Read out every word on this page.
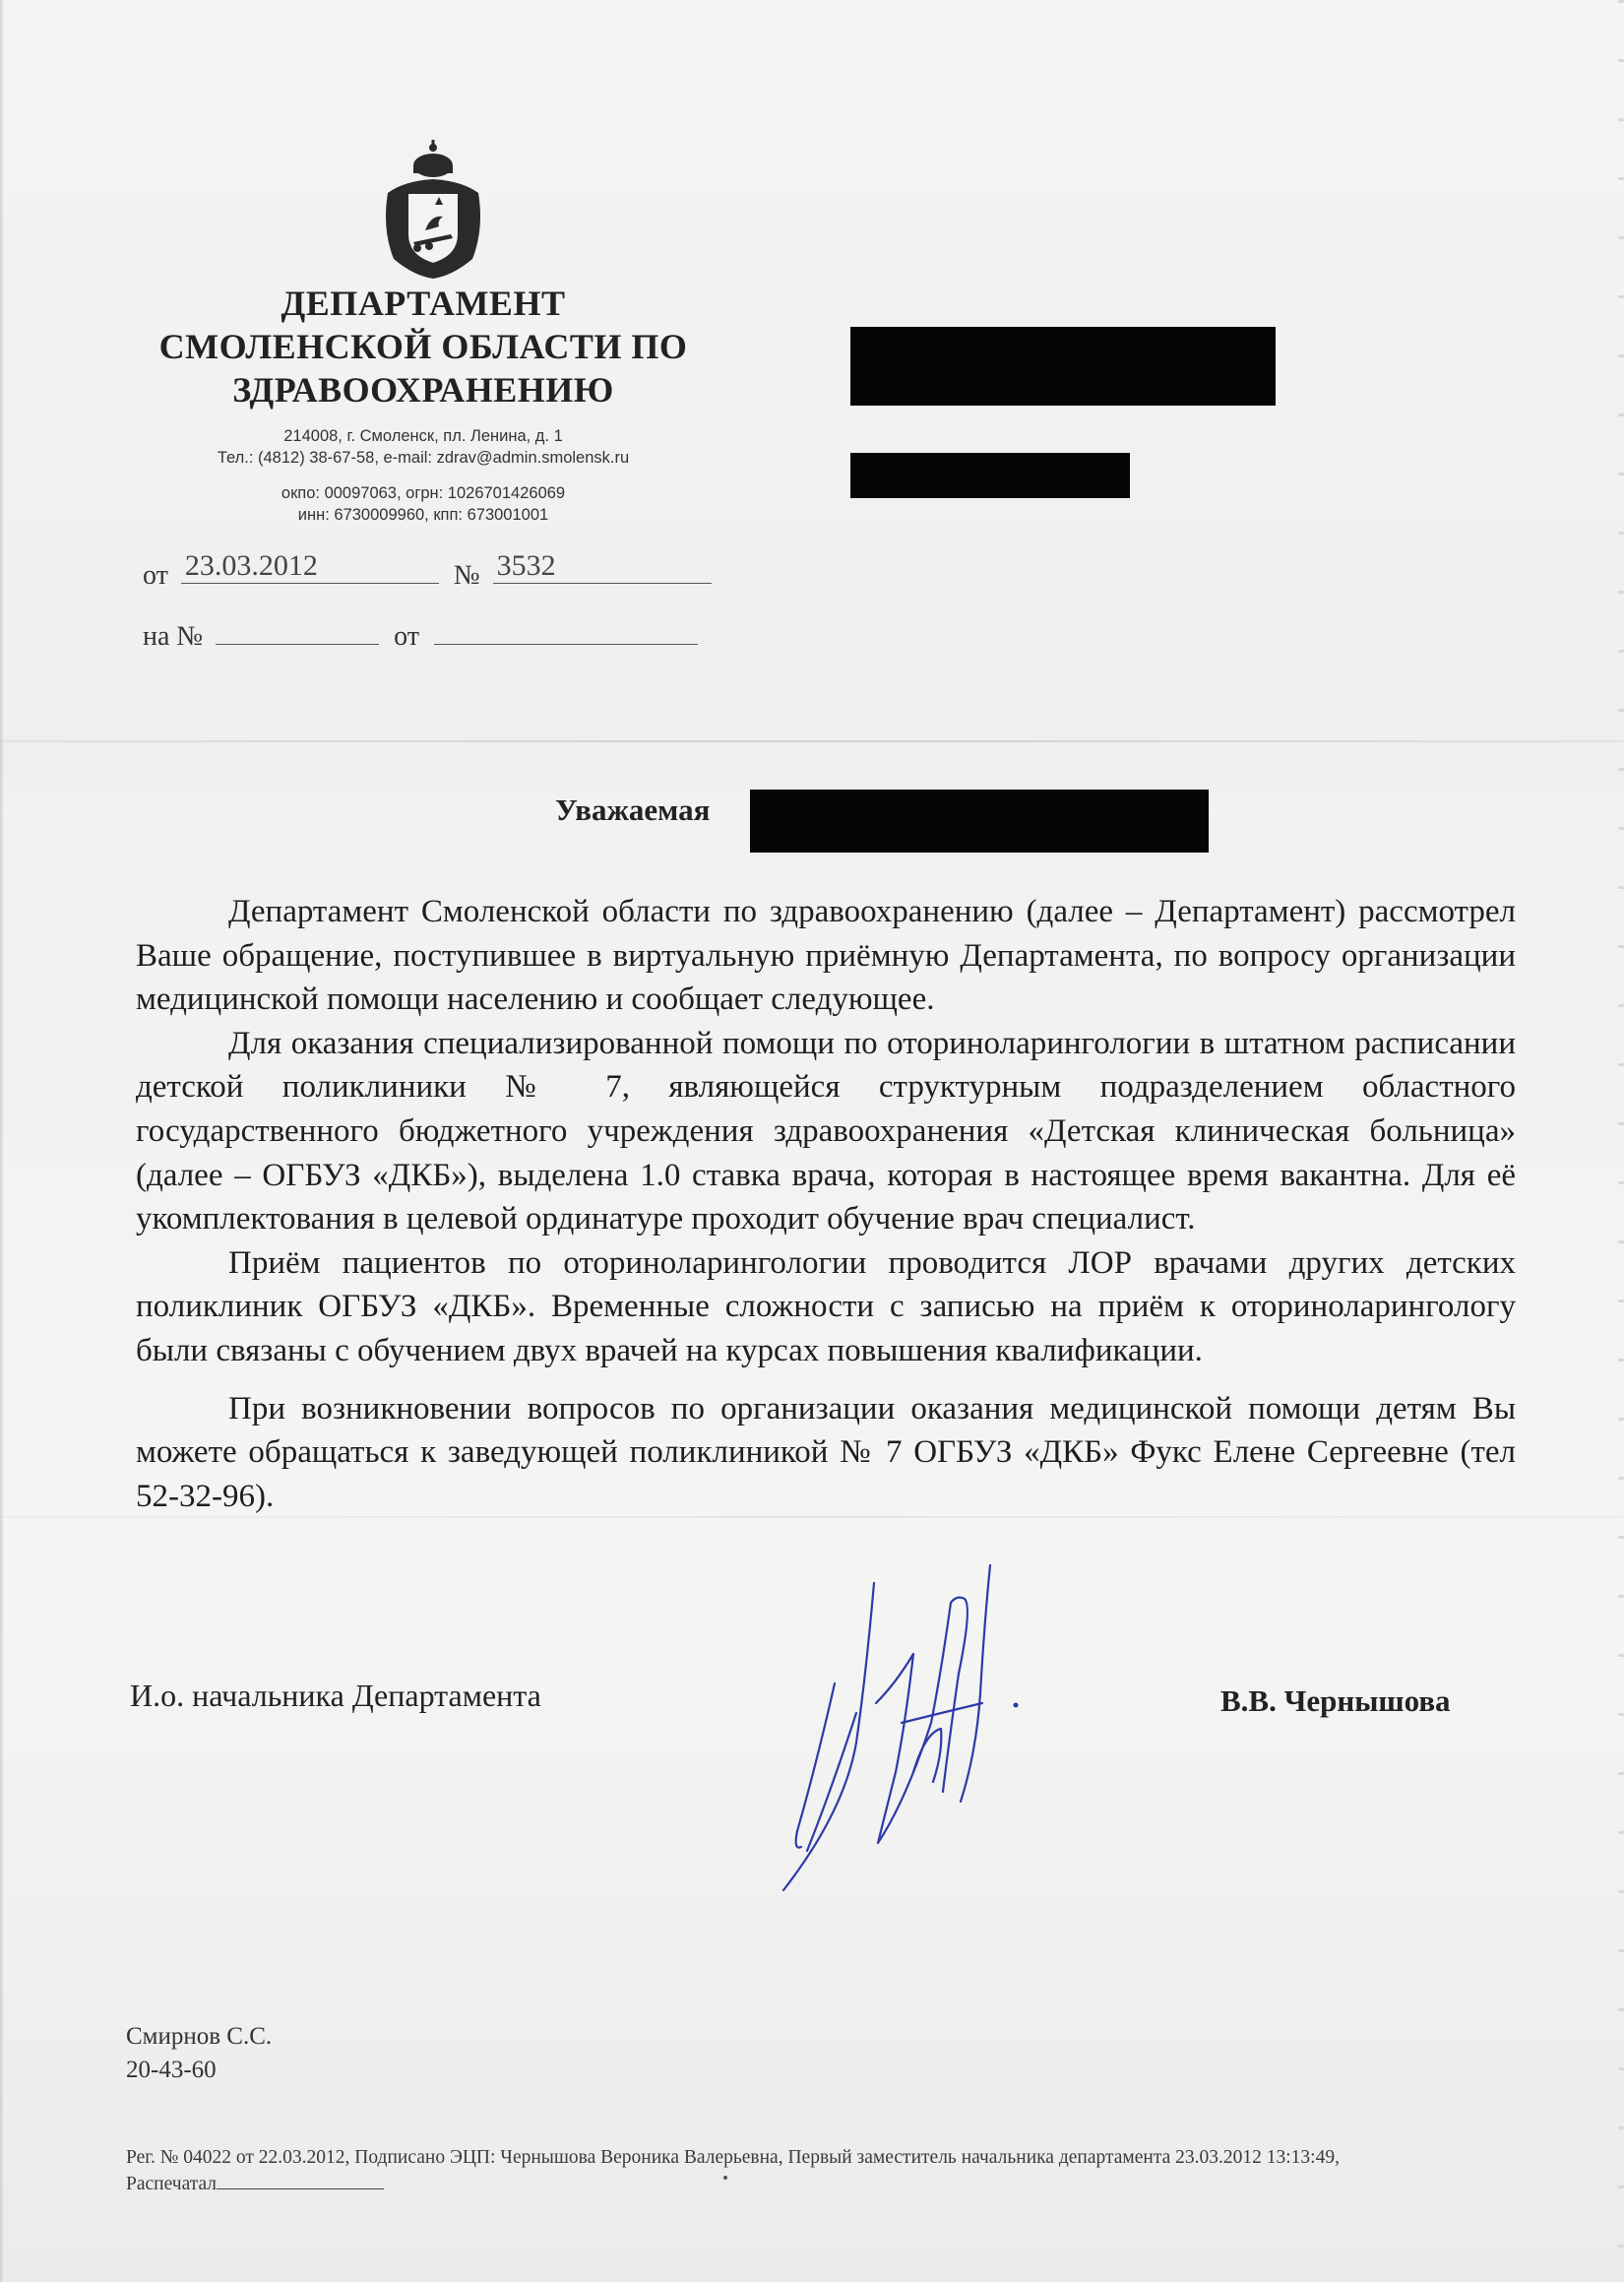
ДЕПАРТАМЕНТ
СМОЛЕНСКОЙ ОБЛАСТИ ПО
ЗДРАВООХРАНЕНИЮ
214008, г. Смоленск, пл. Ленина, д. 1
Тел.: (4812) 38-67-58, e-mail: zdrav@admin.smolensk.ru
окпо: 00097063, огрн: 1026701426069
инн: 6730009960, кпп: 673001001
от 23.03.2012	№ 3532
на №	от
Уважаемая

Департамент Смоленской области по здравоохранению (далее – Департамент) рассмотрел Ваше обращение, поступившее в виртуальную приёмную Департамента, по вопросу организации медицинской помощи населению и сообщает следующее.

Для оказания специализированной помощи по оториноларингологии в штатном расписании детской поликлиники № 7, являющейся структурным подразделением областного государственного бюджетного учреждения здравоохранения «Детская клиническая больница» (далее – ОГБУЗ «ДКБ»), выделена 1.0 ставка врача, которая в настоящее время вакантна. Для её укомплектования в целевой ординатуре проходит обучение врач специалист.

Приём пациентов по оториноларингологии проводится ЛОР врачами других детских поликлиник ОГБУЗ «ДКБ». Временные сложности с записью на приём к оториноларингологу были связаны с обучением двух врачей на курсах повышения квалификации.

При возникновении вопросов по организации оказания медицинской помощи детям Вы можете обращаться к заведующей поликлиникой № 7 ОГБУЗ «ДКБ» Фукс Елене Сергеевне (тел 52-32-96).

И.о. начальника Департамента	В.В. Чернышова
Смирнов С.С.
20-43-60
Рег. № 04022 от 22.03.2012, Подписано ЭЦП: Чернышова Вероника Валерьевна, Первый заместитель начальника департамента 23.03.2012 13:13:49,
Распечатал
